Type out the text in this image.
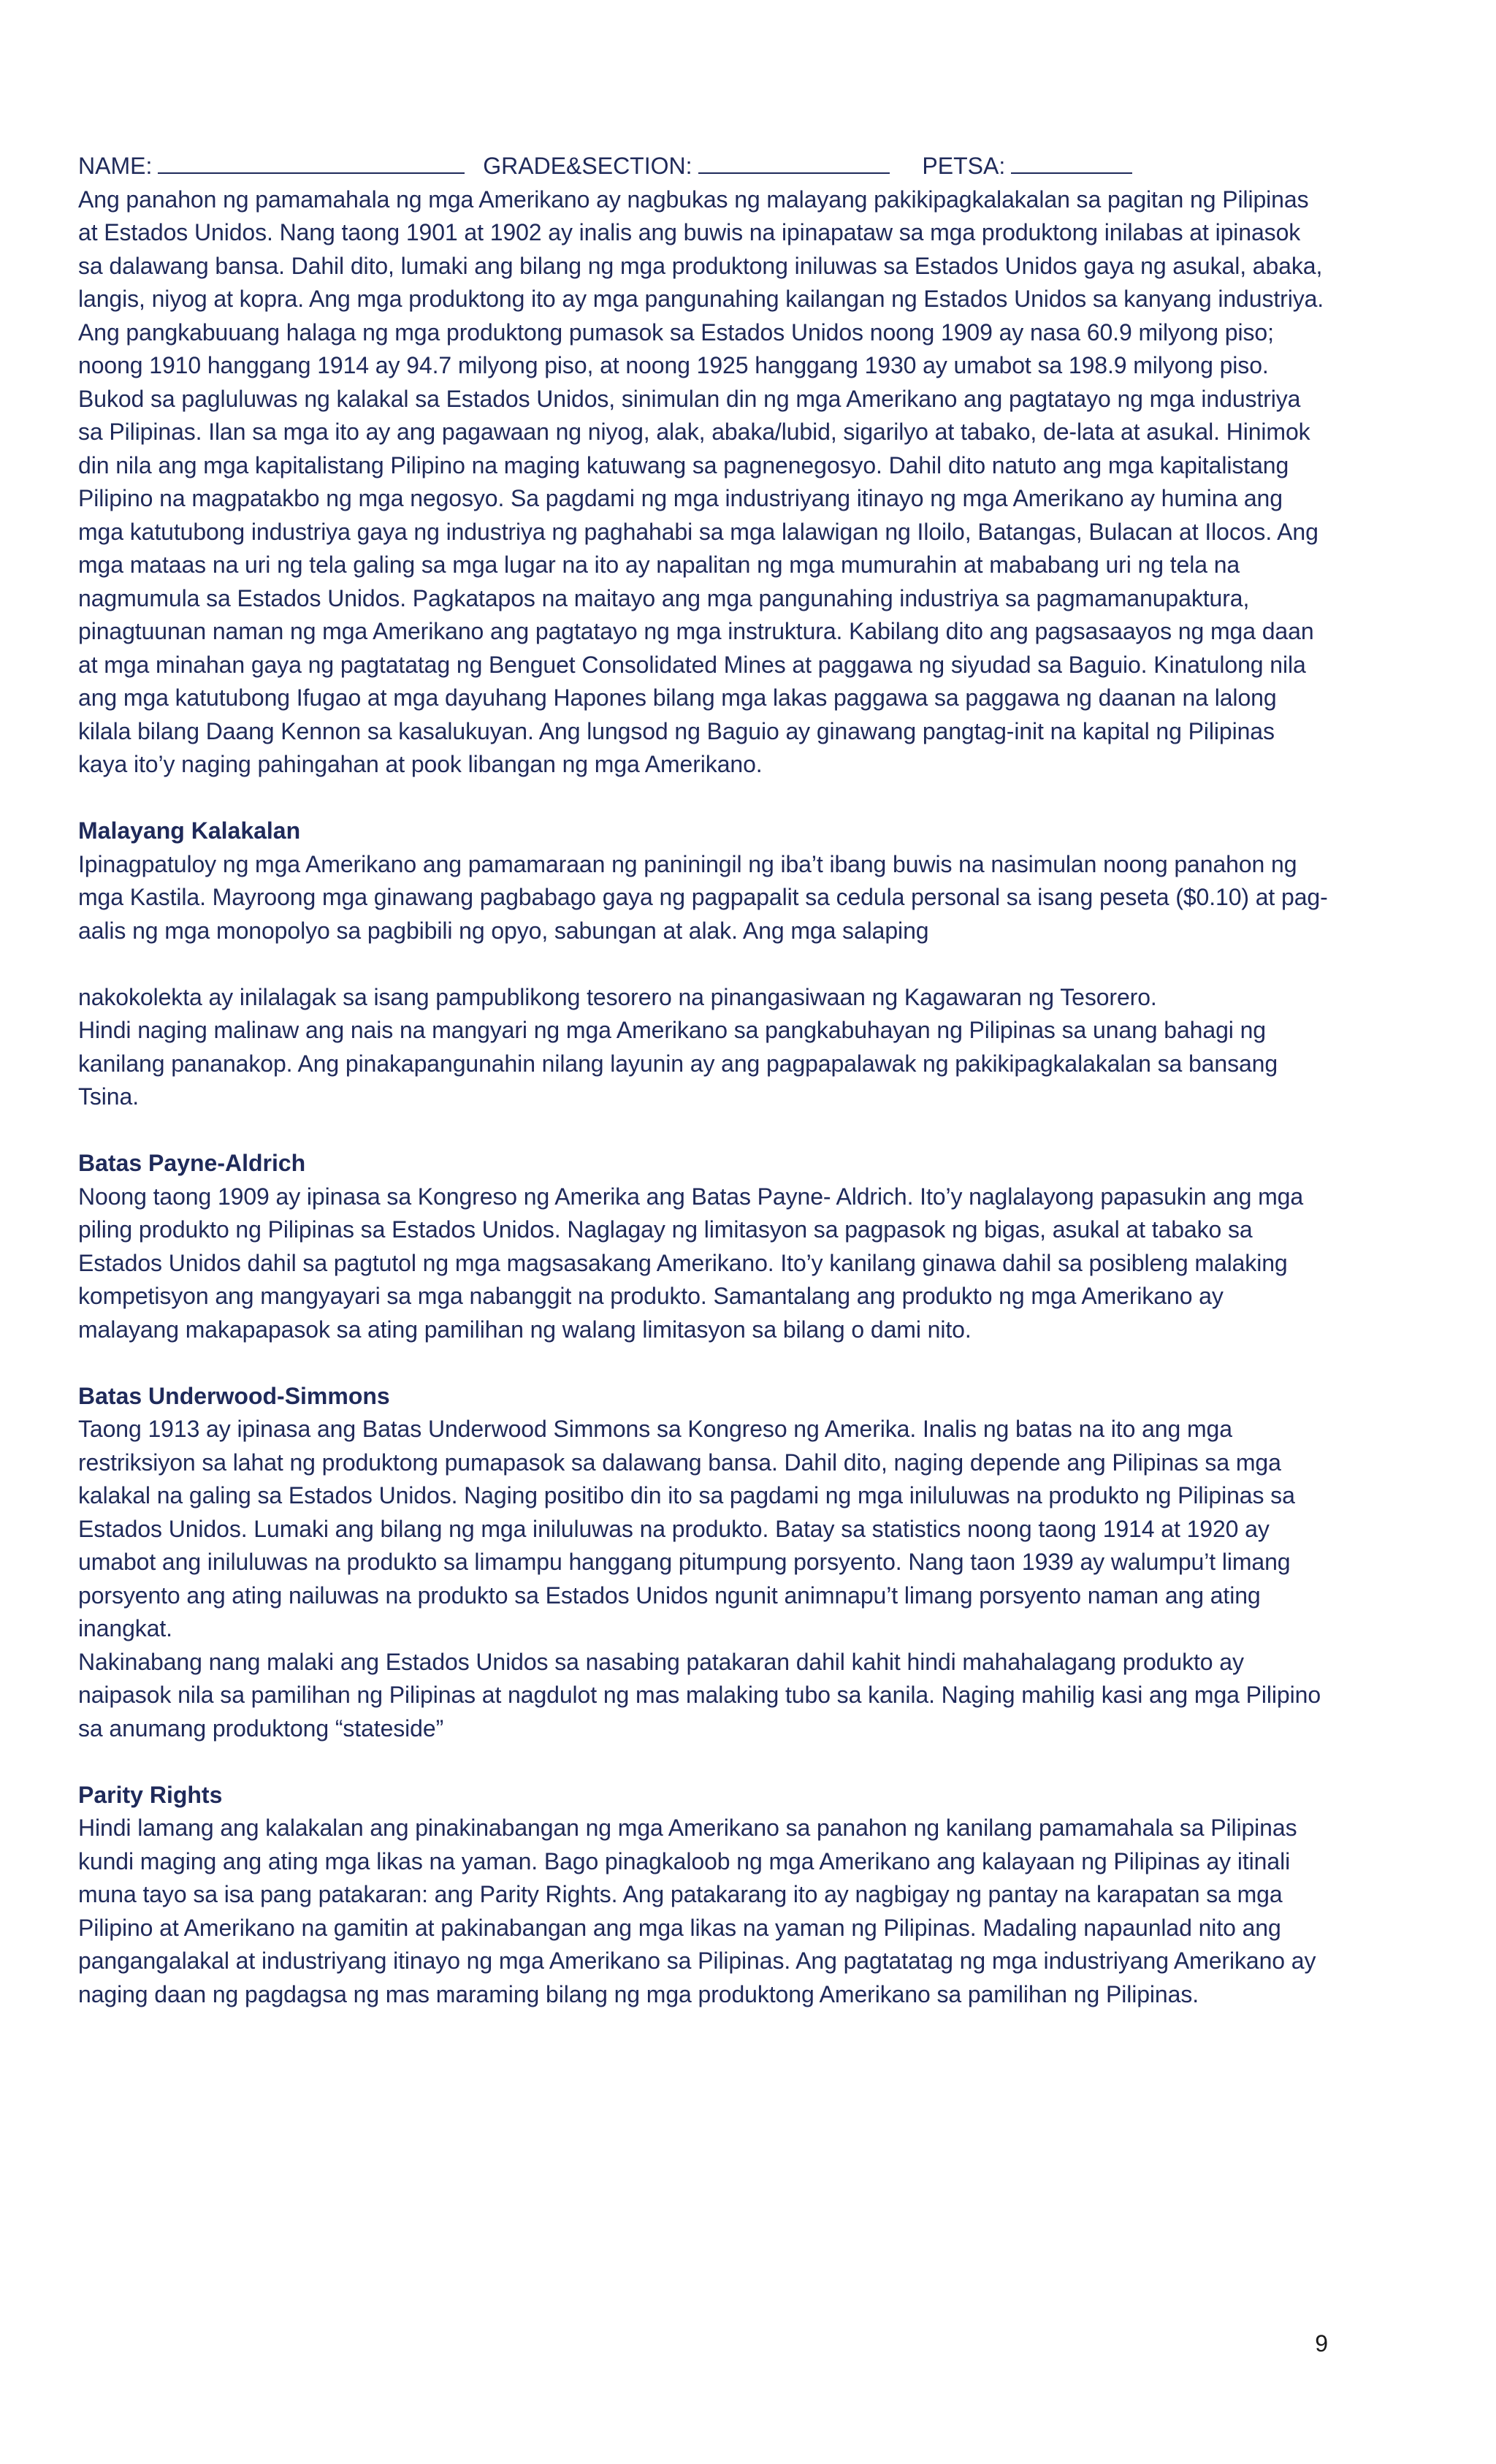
NAME:	GRADE&SECTION:	PETSA:

Ang panahon ng pamamahala ng mga Amerikano ay nagbukas ng malayang pakikipagkalakalan sa pagitan ng Pilipinas at Estados Unidos. Nang taong 1901 at 1902 ay inalis ang buwis na ipinapataw sa mga produktong inilabas at ipinasok sa dalawang bansa. Dahil dito, lumaki ang bilang ng mga produktong iniluwas sa Estados Unidos gaya ng asukal, abaka, langis, niyog at kopra. Ang mga produktong ito ay mga pangunahing kailangan ng Estados Unidos sa kanyang industriya. Ang pangkabuuang halaga ng mga produktong pumasok sa Estados Unidos noong 1909 ay nasa 60.9 milyong piso; noong 1910 hanggang 1914 ay 94.7 milyong piso, at noong 1925 hanggang 1930 ay umabot sa 198.9 milyong piso.

Bukod sa pagluluwas ng kalakal sa Estados Unidos, sinimulan din ng mga Amerikano ang pagtatayo ng mga industriya sa Pilipinas. Ilan sa mga ito ay ang pagawaan ng niyog, alak, abaka/lubid, sigarilyo at tabako, de-lata at asukal. Hinimok din nila ang mga kapitalistang Pilipino na maging katuwang sa pagnenegosyo. Dahil dito natuto ang mga kapitalistang Pilipino na magpatakbo ng mga negosyo. Sa pagdami ng mga industriyang itinayo ng mga Amerikano ay humina ang mga katutubong industriya gaya ng industriya ng paghahabi sa mga lalawigan ng Iloilo, Batangas, Bulacan at Ilocos. Ang mga mataas na uri ng tela galing sa mga lugar na ito ay napalitan ng mga mumurahin at mababang uri ng tela na nagmumula sa Estados Unidos. Pagkatapos na maitayo ang mga pangunahing industriya sa pagmamanupaktura, pinagtuunan naman ng mga Amerikano ang pagtatayo ng mga instruktura. Kabilang dito ang pagsasaayos ng mga daan at mga minahan gaya ng pagtatatag ng Benguet Consolidated Mines at paggawa ng siyudad sa Baguio. Kinatulong nila ang mga katutubong Ifugao at mga dayuhang Hapones bilang mga lakas paggawa sa paggawa ng daanan na lalong kilala bilang Daang Kennon sa kasalukuyan. Ang lungsod ng Baguio ay ginawang pangtag-init na kapital ng Pilipinas kaya ito’y naging pahingahan at pook libangan ng mga Amerikano.

Malayang Kalakalan

Ipinagpatuloy ng mga Amerikano ang pamamaraan ng paniningil ng iba’t ibang buwis na nasimulan noong panahon ng mga Kastila. Mayroong mga ginawang pagbabago gaya ng pagpapalit sa cedula personal sa isang peseta ($0.10) at pag- aalis ng mga monopolyo sa pagbibili ng opyo, sabungan at alak. Ang mga salaping

nakokolekta ay inilalagak sa isang pampublikong tesorero na pinangasiwaan ng Kagawaran ng Tesorero.

Hindi naging malinaw ang nais na mangyari ng mga Amerikano sa pangkabuhayan ng Pilipinas sa unang bahagi ng kanilang pananakop. Ang pinakapangunahin nilang layunin ay ang pagpapalawak ng pakikipagkalakalan sa bansang Tsina.

Batas Payne-Aldrich

Noong taong 1909 ay ipinasa sa Kongreso ng Amerika ang Batas Payne- Aldrich. Ito’y naglalayong papasukin ang mga piling produkto ng Pilipinas sa Estados Unidos. Naglagay ng limitasyon sa pagpasok ng bigas, asukal at tabako sa Estados Unidos dahil sa pagtutol ng mga magsasakang Amerikano. Ito’y kanilang ginawa dahil sa posibleng malaking kompetisyon ang mangyayari sa mga nabanggit na produkto. Samantalang ang produkto ng mga Amerikano ay malayang makapapasok sa ating pamilihan ng walang limitasyon sa bilang o dami nito.

Batas Underwood-Simmons

Taong 1913 ay ipinasa ang Batas Underwood Simmons sa Kongreso ng Amerika. Inalis ng batas na ito ang mga restriksiyon sa lahat ng produktong pumapasok sa dalawang bansa. Dahil dito, naging depende ang Pilipinas sa mga kalakal na galing sa Estados Unidos. Naging positibo din ito sa pagdami ng mga iniluluwas na produkto ng Pilipinas sa Estados Unidos. Lumaki ang bilang ng mga iniluluwas na produkto. Batay sa statistics noong taong 1914 at 1920 ay umabot ang iniluluwas na produkto sa limampu hanggang pitumpung porsyento. Nang taon 1939 ay walumpu’t limang porsyento ang ating nailuwas na produkto sa Estados Unidos ngunit animnapu’t limang porsyento naman ang ating inangkat.

Nakinabang nang malaki ang Estados Unidos sa nasabing patakaran dahil kahit hindi mahahalagang produkto ay naipasok nila sa pamilihan ng Pilipinas at nagdulot ng mas malaking tubo sa kanila. Naging mahilig kasi ang mga Pilipino sa anumang produktong “stateside”

Parity Rights

Hindi lamang ang kalakalan ang pinakinabangan ng mga Amerikano sa panahon ng kanilang pamamahala sa Pilipinas kundi maging ang ating mga likas na yaman. Bago pinagkaloob ng mga Amerikano ang kalayaan ng Pilipinas ay itinali muna tayo sa isa pang patakaran: ang Parity Rights. Ang patakarang ito ay nagbigay ng pantay na karapatan sa mga Pilipino at Amerikano na gamitin at pakinabangan ang mga likas na yaman ng Pilipinas. Madaling napaunlad nito ang pangangalakal at industriyang itinayo ng mga Amerikano sa Pilipinas. Ang pagtatatag ng mga industriyang Amerikano ay naging daan ng pagdagsa ng mas maraming bilang ng mga produktong Amerikano sa pamilihan ng Pilipinas.

9
